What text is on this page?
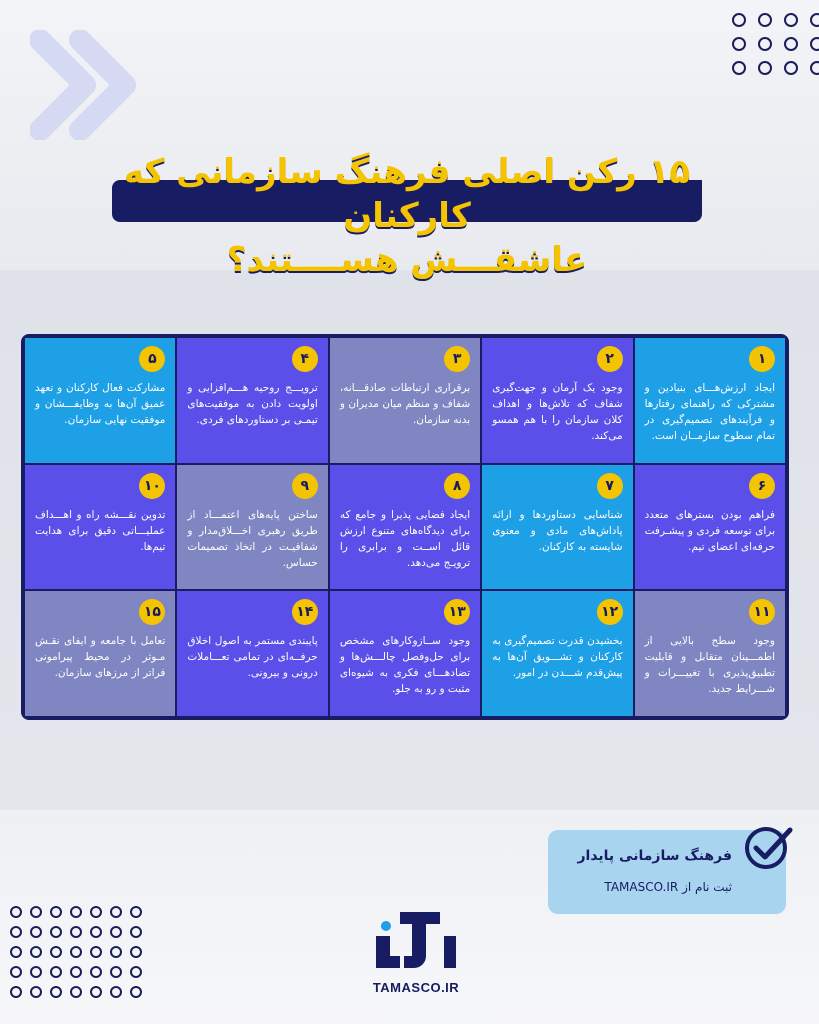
۱۵ رکن اصلی فرهنگ سازمانی که کارکنان
عاشقـــش هســــتند؟
۱
ایجاد ارزش‌هـــای بنیادین و مشترکی که راهنمای رفتارها و فرآیندهای تصمیم‌گیری در تمام سطوح سازمــان است.
۲
وجود یک آرمان و جهت‌گیری شفاف که تلاش‌ها و اهداف کلان سازمان را با هم همسو می‌کند.
۳
برقراری ارتباطات صادقـــانه، شفاف و منظم میان مدیران و بدنه سازمان.
۴
ترویـــج روحیه هـــم‌افزایی و اولویت دادن به موفقیت‌های تیمـی بر دستاوردهای فردی.
۵
مشارکت فعال کارکنان و تعهد عمیق آن‌ها به وظایفـــشان و موفقیت نهایی سازمان.
۶
فراهم بودن بسترهای متعدد برای توسعه فردی و پیشـرفت حرفه‌ای اعضای تیم.
۷
شناسایی دستاوردها و ارائه پاداش‌های مادی و معنوی شایسته به کارکنان.
۸
ایجاد فضایی پذیرا و جامع که برای دیدگاه‌های متنوع ارزش قائل اســت و برابری را ترویـج می‌دهد.
۹
ساختن پایه‌های اعتمـــاد از طریق رهبری اخـــلاق‌مدار و شفافیـت در اتخاذ تصمیمات حساس.
۱۰
تدوین نقـــشه راه و اهـــداف عملیـــاتی دقیق برای هدایت تیم‌ها.
۱۱
وجود سطح بالایی از اطمـــینان متقابل و قابلیت تطبیق‌پذیری با تغییـــرات و شـــرایط جدید.
۱۲
بخشیدن قدرت تصمیم‌گیری به کارکنان و تشـــویق آن‌ها به پیش‌قدم شـــدن در امور.
۱۳
وجود ســازوکارهای مشخص برای حل‌وفصل چالـــش‌ها و تضادهـــای فکری به شیوه‌ای مثبت و رو به جلو.
۱۴
پایبندی مستمر به اصول اخلاق حرفــه‌ای در تمامی تعـــاملات درونی و بیرونی.
۱۵
تعامل با جامعه و ایفای نقـش مـوثر در محیط پیرامونی فراتر از مرزهای سازمان.
فرهنگ سازمانی پایدار
ثبت نام از TAMASCO.IR
TAMASCO.IR
